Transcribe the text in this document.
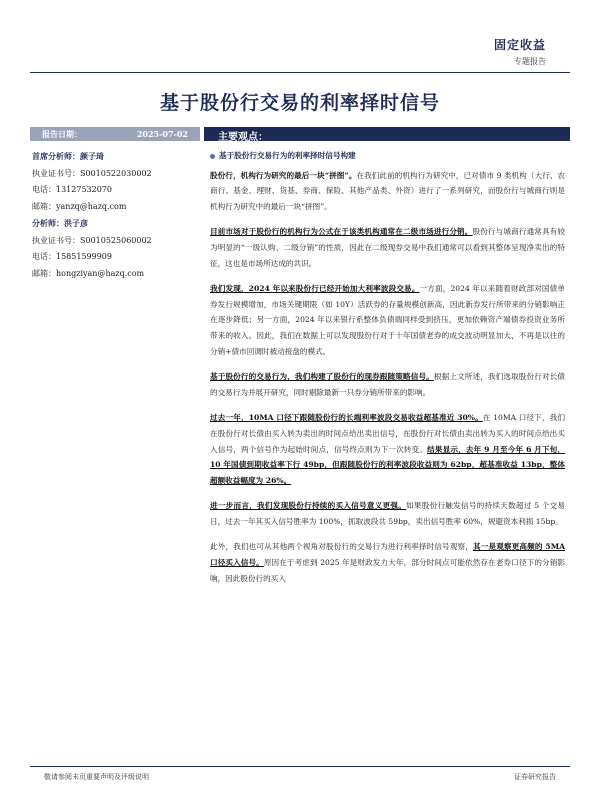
固定收益
专题报告
基于股份行交易的利率择时信号
报告日期：	2025-07-02	主要观点：
首席分析师：颜子琦
执业证书号：S0010522030002
电话：13127532070
邮箱：yanzq@hazq.com
分析师：洪子彦
执业证书号：S0010525060002
电话：15851599909
邮箱：hongziyan@hazq.com
基于股份行交易行为的利率择时信号构建

股份行，机构行为研究的最后一块“拼图”。在我们此前的机构行为研究中，已对债市 9 类机构（大行、农商行、基金、理财、货基、券商、保险、其他产品类、外资）进行了一系列研究，而股份行与城商行则是机构行为研究中的最后一块“拼图”。

目前市场对于股份行的机构行为公式在于该类机构通常在二级市场进行分销。股份行与城商行通常具有较为明显的“一级认购、二级分销”的性质，因此在二级现券交易中我们通常可以看到其整体呈现净卖出的特征，这也是市场所达成的共识。

我们发现，2024 年以来股份行已经开始加大利率波段交易。一方面，2024 年以来随着财政部对国债单券发行规模增加，市场关键期限（如 10Y）活跃券的存量规模创新高，因此新券发行所带来的分销影响正在逐步降低；另一方面，2024 年以来银行系整体负债端同样受到挤压，更加依赖资产端债券投资业务所带来的收入。因此，我们在数据上可以发现股份行对于十年国债老券的成交波动明显加大，不再是以往的分销+债市回调时被动接盘的模式。

基于股份行的交易行为，我们构建了股份行的现券跟随策略信号。根据上文所述，我们选取股份行对长债的交易行为并展开研究，同时剔除最新一只券分销所带来的影响。

过去一年，10MA 口径下跟随股份行的长端利率波段交易收益超基准近 30%。在 10MA 口径下，我们在股份行对长债由买入转为卖出的时间点给出卖出信号，在股份行对长债由卖出转为买入的时间点给出买入信号，两个信号作为起始时间点，信号终点则为下一次转变。结果显示，去年 9 月至今年 6 月下旬，10 年国债到期收益率下行 49bp，但跟随股份行的利率波段收益则为 62bp，超基准收益 13bp，整体超额收益幅度为 26%。

进一步而言，我们发现股份行持续的买入信号意义更强。如果股份行触发信号的持续天数超过 5 个交易日，过去一年其买入信号胜率为 100%，抓取波段共 59bp，卖出信号胜率 60%，规避资本利损 15bp。

此外，我们也可从其他两个视角对股份行的交易行为进行利率择时信号观察，其一是观察更高频的 5MA 口径买入信号。原因在于考虑到 2025 年是财政发力大年，部分时间点可能依然存在老券口径下的分销影响，因此股份行的买入

敬请参阅末页重要声明及评级说明	证券研究报告
